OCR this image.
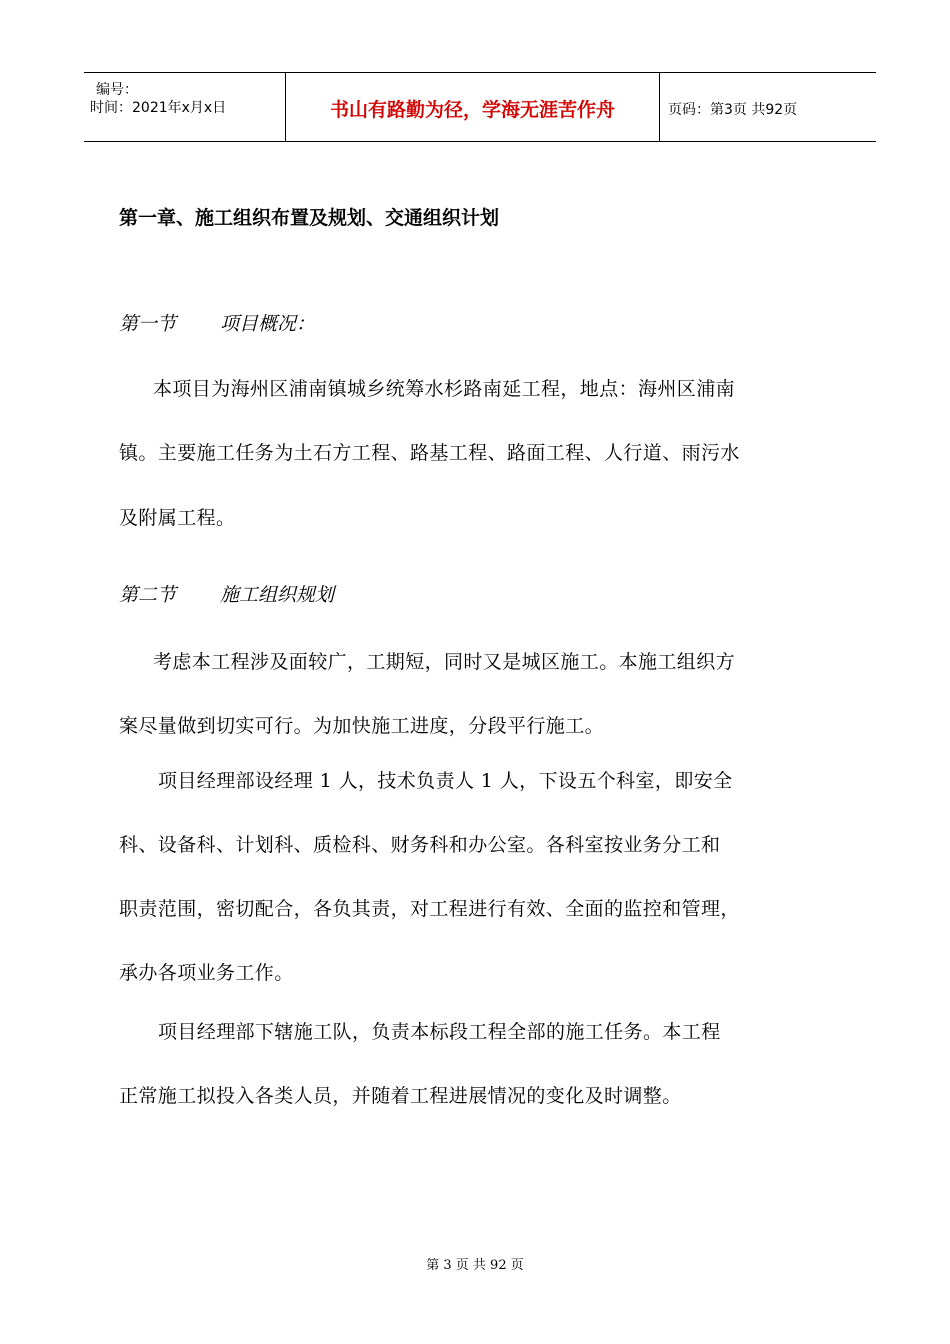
编号：
时间：2021年x月x日	书山有路勤为径，学海无涯苦作舟	页码：第3页 共92页
第一章、施工组织布置及规划、交通组织计划
第一节 项目概况：
本项目为海州区浦南镇城乡统筹水杉路南延工程，地点：海州区浦南
镇。主要施工任务为土石方工程、路基工程、路面工程、人行道、雨污水
及附属工程。
第二节 施工组织规划
考虑本工程涉及面较广，工期短，同时又是城区施工。本施工组织方
案尽量做到切实可行。为加快施工进度，分段平行施工。
项目经理部设经理 1 人，技术负责人 1 人，下设五个科室，即安全
科、设备科、计划科、质检科、财务科和办公室。各科室按业务分工和
职责范围，密切配合，各负其责，对工程进行有效、全面的监控和管理，
承办各项业务工作。
项目经理部下辖施工队，负责本标段工程全部的施工任务。本工程
正常施工拟投入各类人员，并随着工程进展情况的变化及时调整。
第 3 页 共 92 页
